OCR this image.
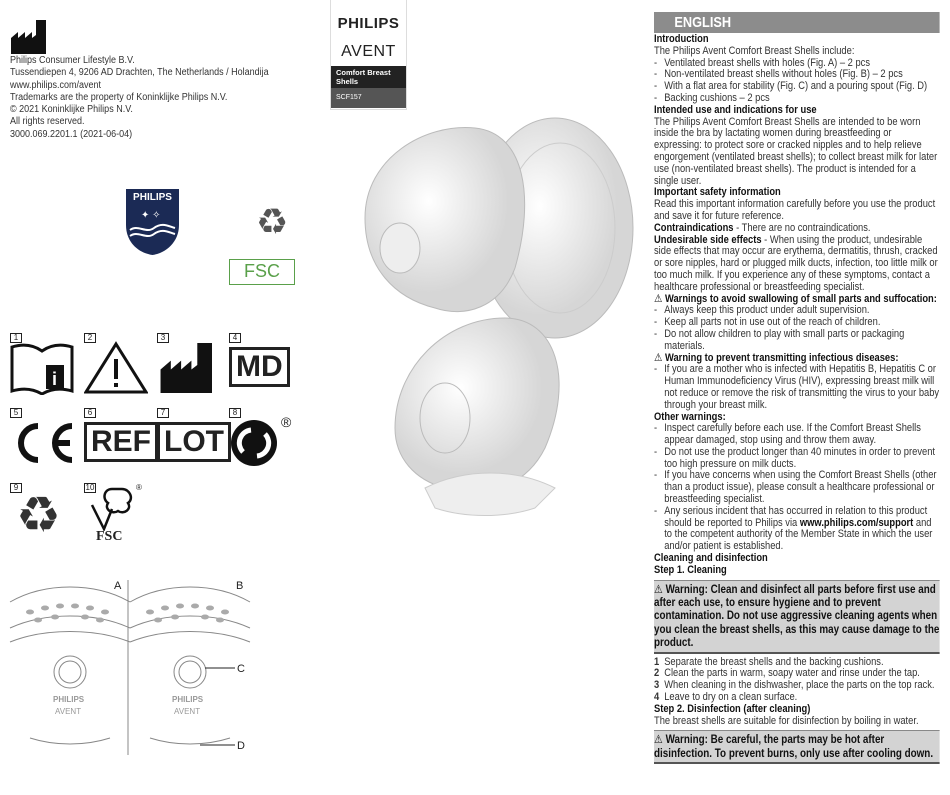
Philips Consumer Lifestyle B.V.
Tussendiepen 4, 9206 AD Drachten, The Netherlands / Holandija
www.philips.com/avent
Trademarks are the property of Koninklijke Philips N.V.
© 2021 Koninklijke Philips N.V.
All rights reserved.
3000.069.2201.1 (2021-06-04)
✦ ✧
PHILIPS
♻
FSC
1
i
2	3	4
MD
5	6
REF
7
LOT
8
®
9
♻	10	®
FSC
A	B
C
D
PHILIPS
AVENT
PHILIPS
AVENT
PHILIPS
AVENT
Comfort Breast Shells
SCF157
ENGLISH
Introduction
The Philips Avent Comfort Breast Shells include:
- Ventilated breast shells with holes (Fig. A) – 2 pcs
- Non-ventilated breast shells without holes (Fig. B) – 2 pcs
- With a flat area for stability (Fig. C) and a pouring spout (Fig. D)
- Backing cushions – 2 pcs
Intended use and indications for use
The Philips Avent Comfort Breast Shells are intended to be worn inside the bra by lactating women during breastfeeding or expressing: to protect sore or cracked nipples and to help relieve engorgement (ventilated breast shells); to collect breast milk for later use (non-ventilated breast shells). The product is intended for a single user.
Important safety information
Read this important information carefully before you use the product and save it for future reference.
Contraindications - There are no contraindications.
Undesirable side effects - When using the product, undesirable side effects that may occur are erythema, dermatitis, thrush, cracked or sore nipples, hard or plugged milk ducts, infection, too little milk or too much milk. If you experience any of these symptoms, contact a healthcare professional or breastfeeding specialist.
⚠ Warnings to avoid swallowing of small parts and suffocation:
- Always keep this product under adult supervision.
- Keep all parts not in use out of the reach of children.
- Do not allow children to play with small parts or packaging materials.
⚠ Warning to prevent transmitting infectious diseases:
- If you are a mother who is infected with Hepatitis B, Hepatitis C or Human Immunodeficiency Virus (HIV), expressing breast milk will not reduce or remove the risk of transmitting the virus to your baby through your breast milk.
Other warnings:
- Inspect carefully before each use. If the Comfort Breast Shells appear damaged, stop using and throw them away.
- Do not use the product longer than 40 minutes in order to prevent too high pressure on milk ducts.
- If you have concerns when using the Comfort Breast Shells (other than a product issue), please consult a healthcare professional or breastfeeding specialist.
- Any serious incident that has occurred in relation to this product should be reported to Philips via www.philips.com/support and to the competent authority of the Member State in which the user and/or patient is established.
Cleaning and disinfection
Step 1. Cleaning
⚠ Warning: Clean and disinfect all parts before first use and after each use, to ensure hygiene and to prevent contamination. Do not use aggressive cleaning agents when you clean the breast shells, as this may cause damage to the product.
1 Separate the breast shells and the backing cushions.
2 Clean the parts in warm, soapy water and rinse under the tap.
3 When cleaning in the dishwasher, place the parts on the top rack.
4 Leave to dry on a clean surface.
Step 2. Disinfection (after cleaning)
The breast shells are suitable for disinfection by boiling in water.
⚠ Warning: Be careful, the parts may be hot after disinfection. To prevent burns, only use after cooling down.
